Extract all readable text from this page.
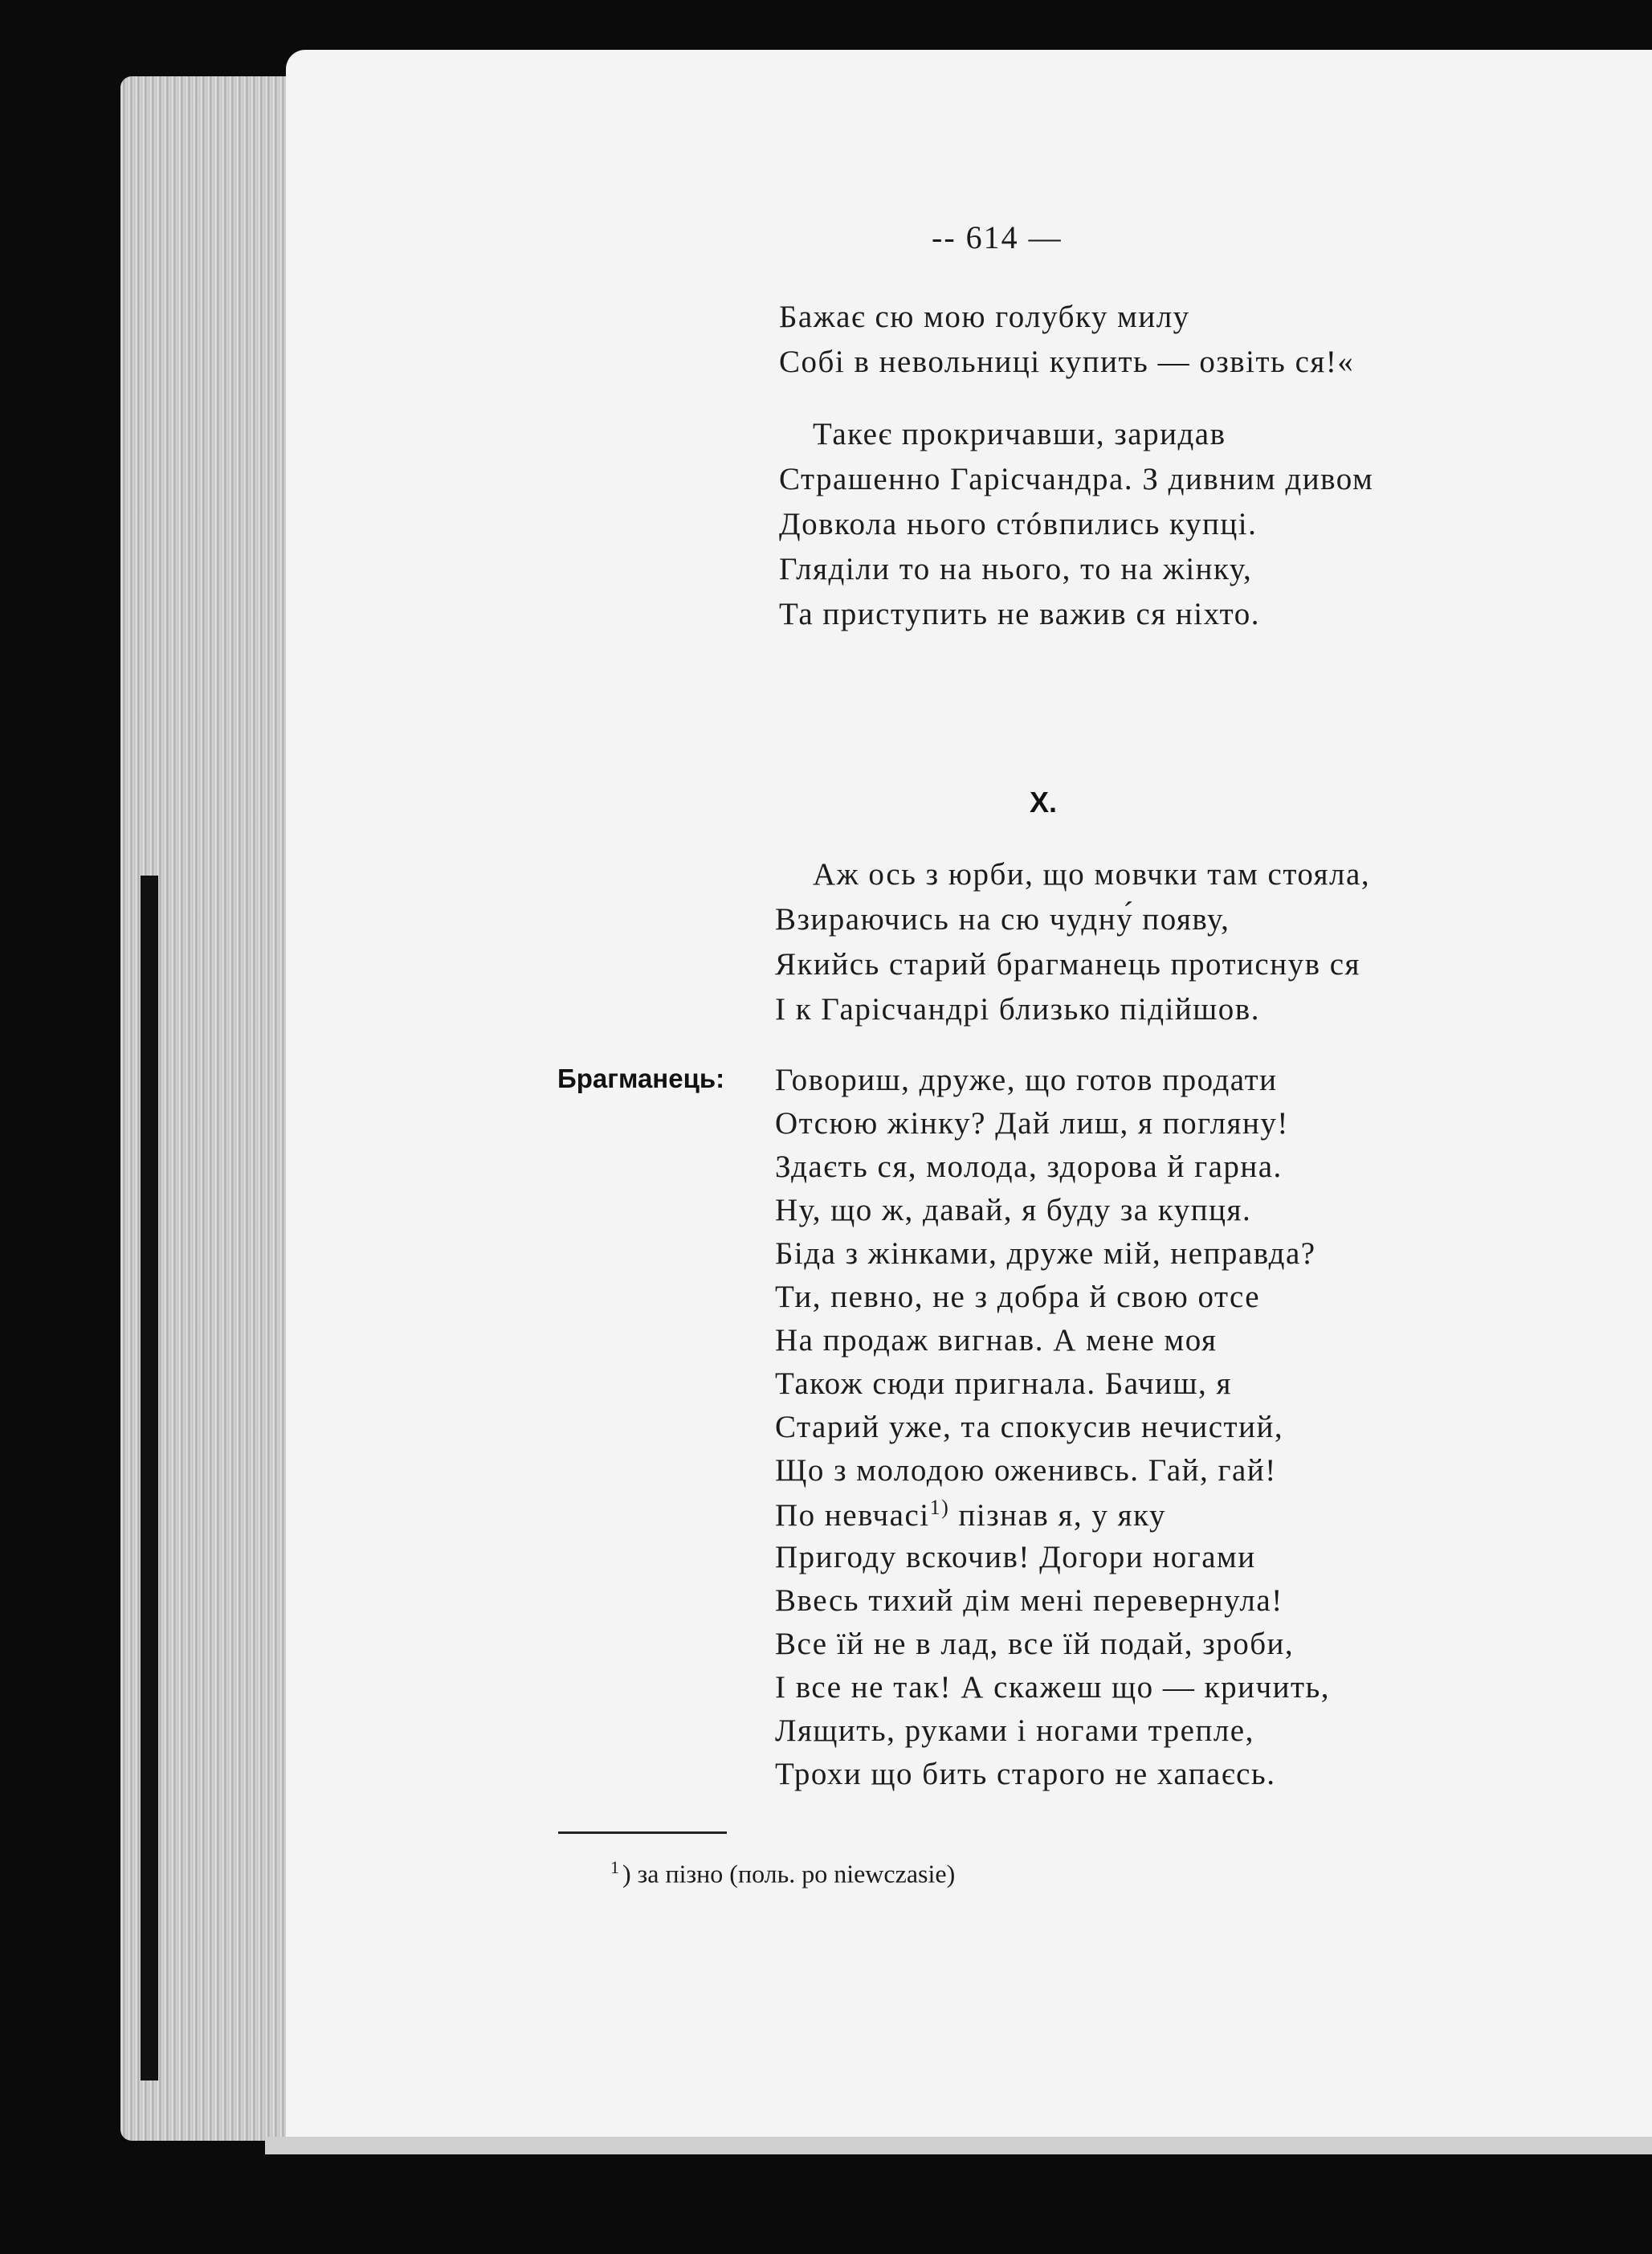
-- 614 —
Бажає сю мою голубку милу
Собі в невольниці купить — озвіть ся!«
Такеє прокричавши, заридав
Страшенно Гарісчандра. З дивним дивом
Довкола нього стóвпились купці.
Гляділи то на нього, то на жінку,
Та приступить не важив ся ніхто.
X.
Аж ось з юрби, що мовчки там стояла,
Взираючись на сю чудну́ появу,
Якийсь старий брагманець протиснув ся
І к Гарісчандрі близько підійшов.
Брагманець: Говориш, друже, що готов продати
Отсюю жінку? Дай лиш, я погляну!
Здаєть ся, молода, здорова й гарна.
Ну, що ж, давай, я буду за купця.
Біда з жінками, друже мій, неправда?
Ти, певно, не з добра й свою отсе
На продаж вигнав. А мене моя
Також сюди пригнала. Бачиш, я
Старий уже, та спокусив нечистий,
Що з молодою оженивсь. Гай, гай!
По невчасі$^{1)}$ пізнав я, у яку
Пригоду вскочив! Догори ногами
Ввесь тихий дім мені перевернула!
Все їй не в лад, все їй подай, зроби,
І все не так! А скажеш що — кричить,
Лящить, руками і ногами трепле,
Трохи що бить старого не хапаєсь.
$^1$ ) за пізно (поль. po niewczasie)
